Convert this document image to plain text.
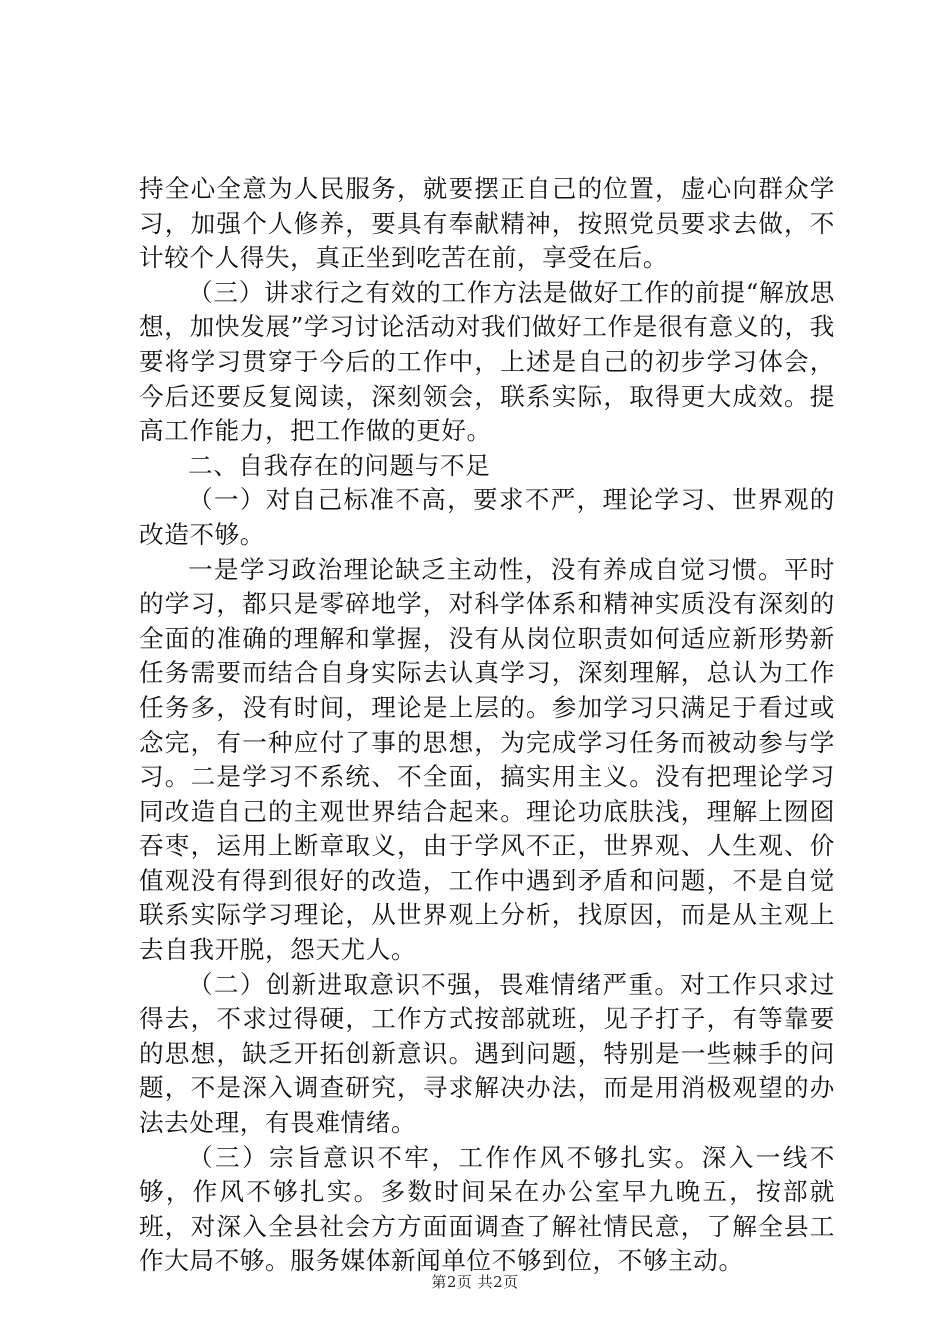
持全心全意为人民服务，就要摆正自己的位置，虚心向群众学习，加强个人修养，要具有奉献精神，按照党员要求去做，不计较个人得失，真正坐到吃苦在前，享受在后。

（三）讲求行之有效的工作方法是做好工作的前提“解放思想，加快发展”学习讨论活动对我们做好工作是很有意义的，我要将学习贯穿于今后的工作中，上述是自己的初步学习体会，今后还要反复阅读，深刻领会，联系实际，取得更大成效。提高工作能力，把工作做的更好。

二、自我存在的问题与不足

（一）对自己标准不高，要求不严，理论学习、世界观的改造不够。

一是学习政治理论缺乏主动性，没有养成自觉习惯。平时的学习，都只是零碎地学，对科学体系和精神实质没有深刻的全面的准确的理解和掌握，没有从岗位职责如何适应新形势新任务需要而结合自身实际去认真学习，深刻理解，总认为工作任务多，没有时间，理论是上层的。参加学习只满足于看过或念完，有一种应付了事的思想，为完成学习任务而被动参与学习。二是学习不系统、不全面，搞实用主义。没有把理论学习同改造自己的主观世界结合起来。理论功底肤浅，理解上囫囵吞枣，运用上断章取义，由于学风不正，世界观、人生观、价值观没有得到很好的改造，工作中遇到矛盾和问题，不是自觉联系实际学习理论，从世界观上分析，找原因，而是从主观上去自我开脱，怨天尤人。

（二）创新进取意识不强，畏难情绪严重。对工作只求过得去，不求过得硬，工作方式按部就班，见子打子，有等靠要的思想，缺乏开拓创新意识。遇到问题，特别是一些棘手的问题，不是深入调查研究，寻求解决办法，而是用消极观望的办法去处理，有畏难情绪。

（三）宗旨意识不牢，工作作风不够扎实。深入一线不够，作风不够扎实。多数时间呆在办公室早九晚五，按部就班，对深入全县社会方方面面调查了解社情民意，了解全县工作大局不够。服务媒体新闻单位不够到位，不够主动。

第2页 共2页
